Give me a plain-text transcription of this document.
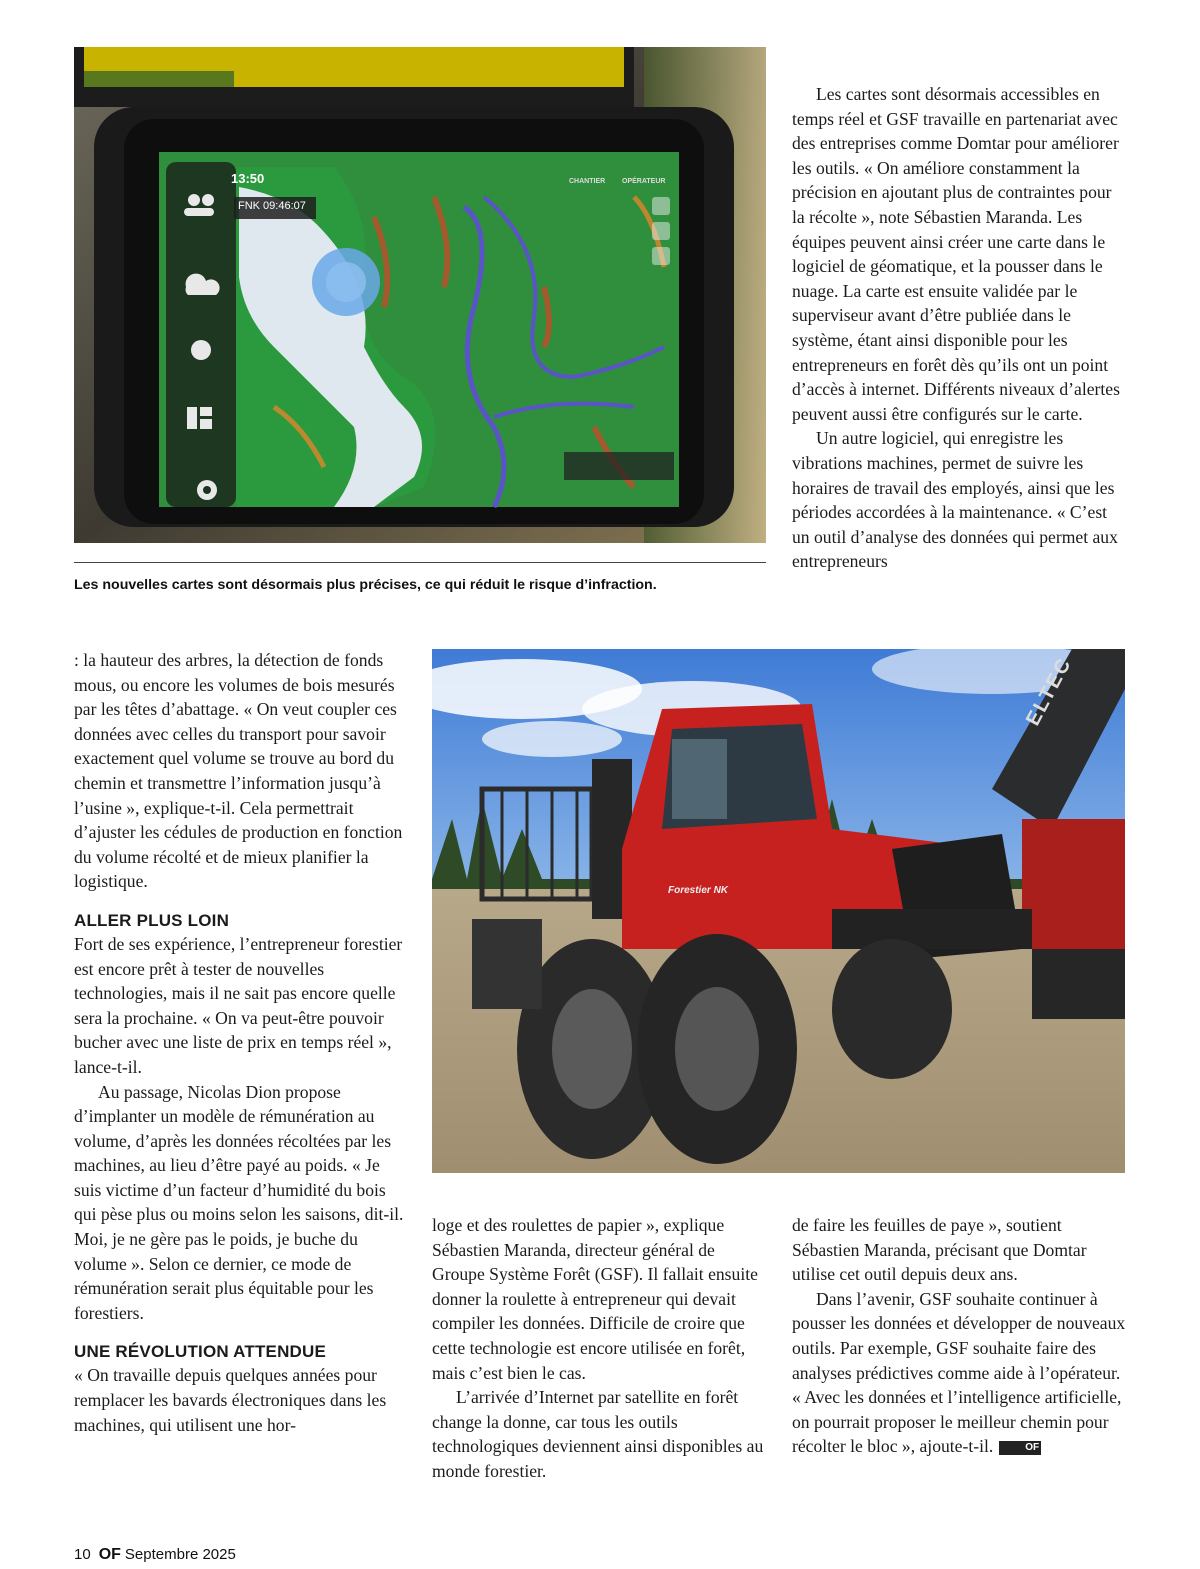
13:50
FNK 09:46:07
CHANTIER OPÉRATEUR
Les nouvelles cartes sont désormais plus précises, ce qui réduit le risque d’infraction.

Les cartes sont désormais accessibles en temps réel et GSF travaille en partenariat avec des entreprises comme Domtar pour améliorer les outils. « On améliore constamment la précision en ajoutant plus de contraintes pour la récolte », note Sébastien Maranda. Les équipes peuvent ainsi créer une carte dans le logiciel de géomatique, et la pousser dans le nuage. La carte est ensuite validée par le superviseur avant d’être publiée dans le système, étant ainsi disponible pour les entrepreneurs en forêt dès qu’ils ont un point d’accès à internet. Différents niveaux d’alertes peuvent aussi être configurés sur le carte.

Un autre logiciel, qui enregistre les vibrations machines, permet de suivre les horaires de travail des employés, ainsi que les périodes accordées à la maintenance. « C’est un outil d’analyse des données qui permet aux entrepreneurs

Forestier NK
ELTEC

: la hauteur des arbres, la détection de fonds mous, ou encore les volumes de bois mesurés par les têtes d’abattage. « On veut coupler ces données avec celles du transport pour savoir exactement quel volume se trouve au bord du chemin et transmettre l’information jusqu’à l’usine », explique-t-il. Cela permettrait d’ajuster les cédules de production en fonction du volume récolté et de mieux planifier la logistique.

ALLER PLUS LOIN

Fort de ses expérience, l’entrepreneur forestier est encore prêt à tester de nouvelles technologies, mais il ne sait pas encore quelle sera la prochaine. « On va peut-être pouvoir bucher avec une liste de prix en temps réel », lance-t-il.

Au passage, Nicolas Dion propose d’implanter un modèle de rémunération au volume, d’après les données récoltées par les machines, au lieu d’être payé au poids. « Je suis victime d’un facteur d’humidité du bois qui pèse plus ou moins selon les saisons, dit-il. Moi, je ne gère pas le poids, je buche du volume ». Selon ce dernier, ce mode de rémunération serait plus équitable pour les forestiers.

UNE RÉVOLUTION ATTENDUE

« On travaille depuis quelques années pour remplacer les bavards électroniques dans les machines, qui utilisent une hor-

loge et des roulettes de papier », explique Sébastien Maranda, directeur général de Groupe Système Forêt (GSF). Il fallait ensuite donner la roulette à entrepreneur qui devait compiler les données. Difficile de croire que cette technologie est encore utilisée en forêt, mais c’est bien le cas.

L’arrivée d’Internet par satellite en forêt change la donne, car tous les outils technologiques deviennent ainsi disponibles au monde forestier.

de faire les feuilles de paye », soutient Sébastien Maranda, précisant que Domtar utilise cet outil depuis deux ans.

Dans l’avenir, GSF souhaite continuer à pousser les données et développer de nouveaux outils. Par exemple, GSF souhaite faire des analyses prédictives comme aide à l’opérateur. « Avec les données et l’intelligence artificielle, on pourrait proposer le meilleur chemin pour récolter le bloc », ajoute-t-il.	OF

10 OF Septembre 2025
